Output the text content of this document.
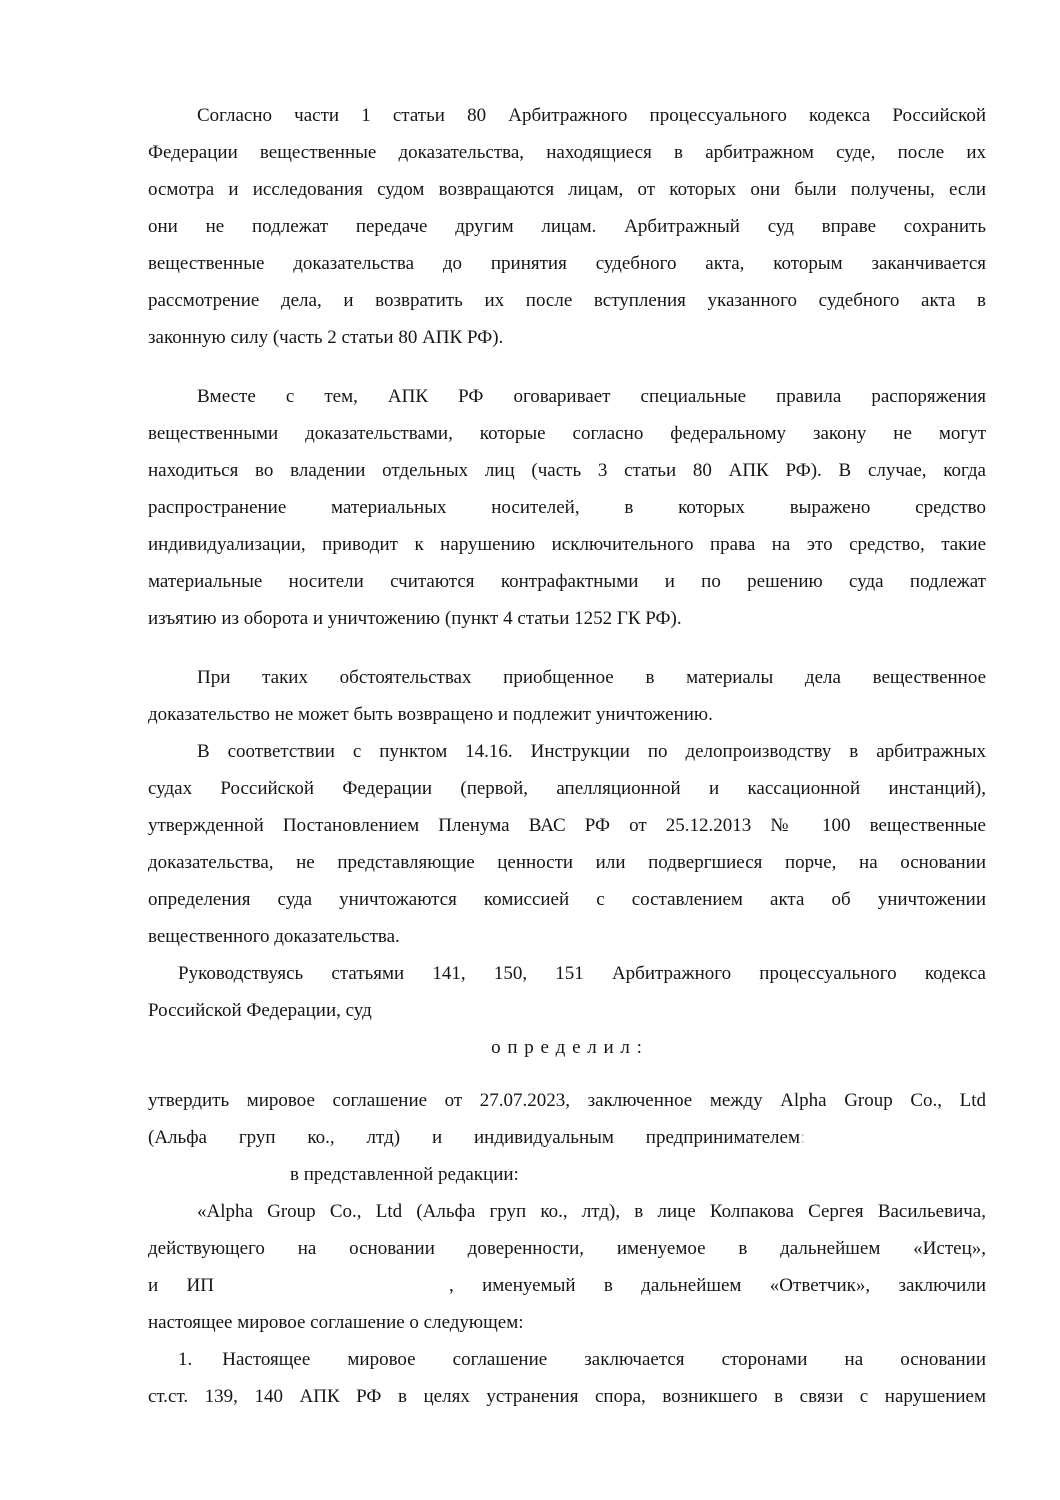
Согласно части 1 статьи 80 Арбитражного процессуального кодекса Российской
Федерации вещественные доказательства, находящиеся в арбитражном суде, после их
осмотра и исследования судом возвращаются лицам, от которых они были получены, если
они не подлежат передаче другим лицам. Арбитражный суд вправе сохранить
вещественные доказательства до принятия судебного акта, которым заканчивается
рассмотрение дела, и возвратить их после вступления указанного судебного акта в
законную силу (часть 2 статьи 80 АПК РФ).
Вместе с тем, АПК РФ оговаривает специальные правила распоряжения
вещественными доказательствами, которые согласно федеральному закону не могут
находиться во владении отдельных лиц (часть 3 статьи 80 АПК РФ). В случае, когда
распространение материальных носителей, в которых выражено средство
индивидуализации, приводит к нарушению исключительного права на это средство, такие
материальные носители считаются контрафактными и по решению суда подлежат
изъятию из оборота и уничтожению (пункт 4 статьи 1252 ГК РФ).
При таких обстоятельствах приобщенное в материалы дела вещественное
доказательство не может быть возвращено и подлежит уничтожению.
В соответствии с пунктом 14.16. Инструкции по делопроизводству в арбитражных
судах Российской Федерации (первой, апелляционной и кассационной инстанций),
утвержденной Постановлением Пленума ВАС РФ от 25.12.2013 № 100 вещественные
доказательства, не представляющие ценности или подвергшиеся порче, на основании
определения суда уничтожаются комиссией с составлением акта об уничтожении
вещественного доказательства.
Руководствуясь статьями 141, 150, 151 Арбитражного процессуального кодекса
Российской Федерации, суд
о п р е д е л и л :
утвердить мировое соглашение от 27.07.2023, заключенное между Alpha Group Co., Ltd
(Альфа груп ко., лтд) и индивидуальным предпринимателем:
в представленной редакции:
«Alpha Group Co., Ltd (Альфа груп ко., лтд), в лице Колпакова Сергея Васильевича,
действующего на основании доверенности, именуемое в дальнейшем «Истец»,
и ИП	, именуемый в дальнейшем «Ответчик», заключили
настоящее мировое соглашение о следующем:
1. Настоящее мировое соглашение заключается сторонами на основании
ст.ст. 139, 140 АПК РФ в целях устранения спора, возникшего в связи с нарушением
